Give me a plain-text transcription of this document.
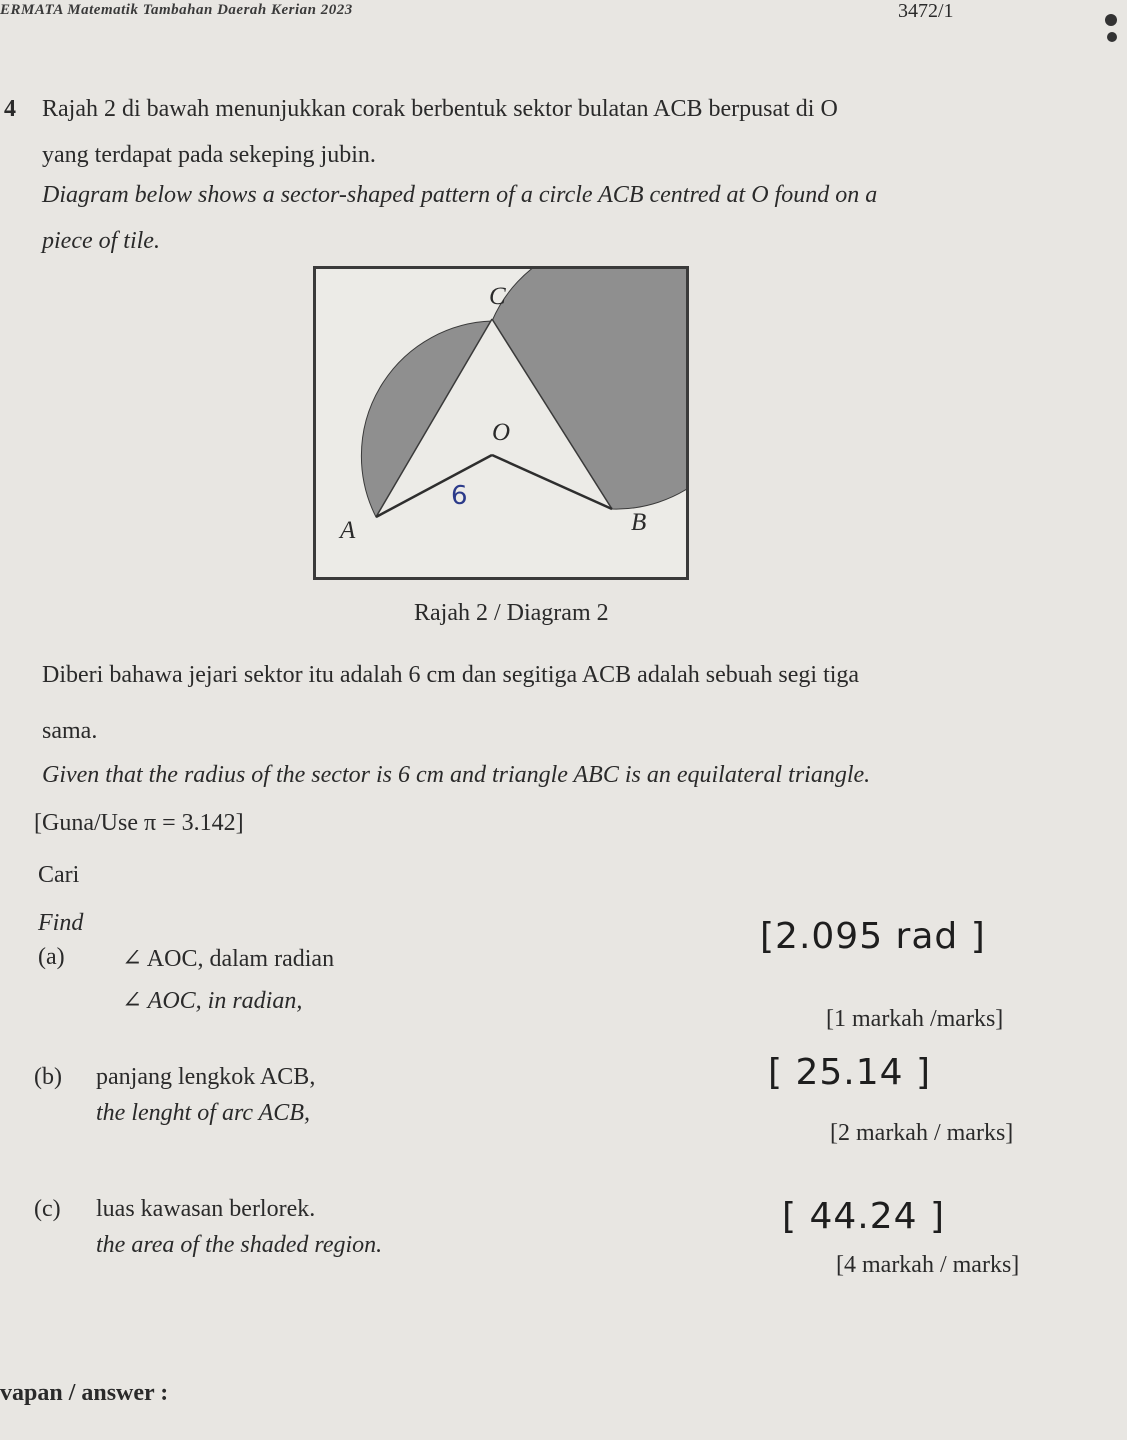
ERMATA Matematik Tambahan Daerah Kerian 2023	3472/1
4 Rajah 2 di bawah menunjukkan corak berbentuk sektor bulatan ACB berpusat di O
yang terdapat pada sekeping jubin.
Diagram below shows a sector-shaped pattern of a circle ACB centred at O found on a
piece of tile.
C
O
A	B
6
Rajah 2 / Diagram 2
Diberi bahawa jejari sektor itu adalah 6 cm dan segitiga ACB adalah sebuah segi tiga
sama.
Given that the radius of the sector is 6 cm and triangle ABC is an equilateral triangle.
[Guna/Use π = 3.142]
Cari
Find
(a) ∠ AOC, dalam radian
∠ AOC, in radian,
[2.095 rad ]
[1 markah /marks]
(b) panjang lengkok ACB,
the lenght of arc ACB,
[ 25.14 ]
[2 markah / marks]
(c) luas kawasan berlorek.
the area of the shaded region.
[ 44.24 ]
[4 markah / marks]
vapan / answer :
